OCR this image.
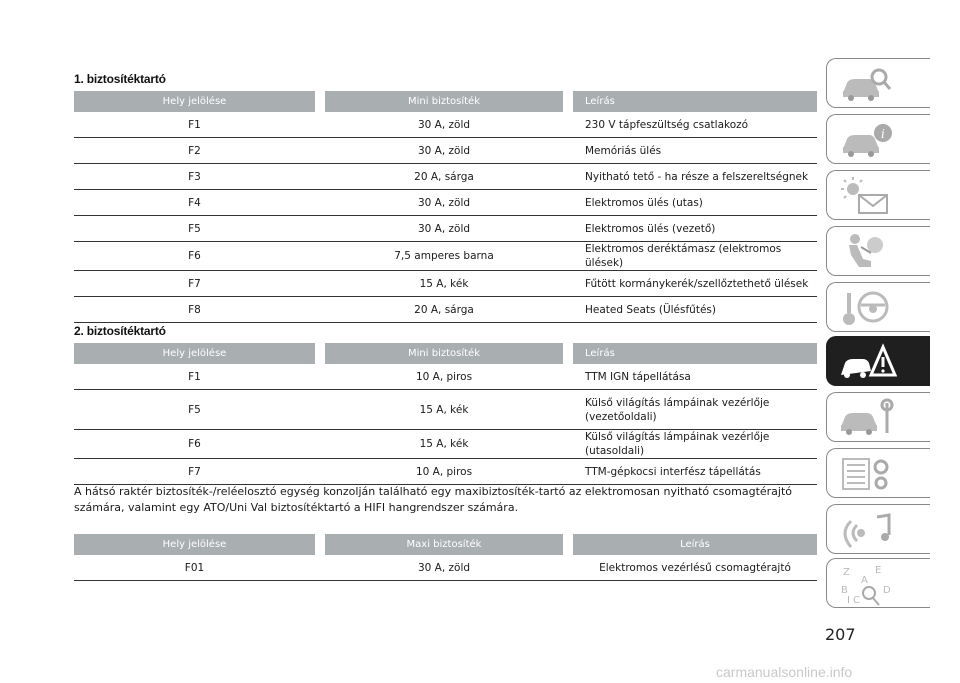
1. biztosítéktartó
Hely jelölése		Mini biztosíték		Leírás
F1		30 A, zöld		230 V tápfeszültség csatlakozó
F2		30 A, zöld		Memóriás ülés
F3		20 A, sárga		Nyitható tető - ha része a felszereltségnek
F4		30 A, zöld		Elektromos ülés (utas)
F5		30 A, zöld		Elektromos ülés (vezető)
F6		7,5 amperes barna		Elektromos deréktámasz (elektromos ülések)
F7		15 A, kék		Fűtött kormánykerék/szellőztethető ülések
F8		20 A, sárga		Heated Seats (Ülésfűtés)
2. biztosítéktartó
Hely jelölése		Mini biztosíték		Leírás
F1		10 A, piros		TTM IGN tápellátása
F5		15 A, kék		Külső világítás lámpáinak vezérlője (vezetőoldali)
F6		15 A, kék		Külső világítás lámpáinak vezérlője (utasoldali)
F7		10 A, piros		TTM-gépkocsi interfész tápellátás
A hátsó raktér biztosíték-/reléelosztó egység konzolján található egy maxibiztosíték-tartó az elektromosan nyitható csomagtérajtó számára, valamint egy ATO/Uni Val biztosítéktartó a HIFI hangrendszer számára.
Hely jelölése		Maxi biztosíték		Leírás
F01		30 A, zöld		Elektromos vezérlésű csomagtérajtó
i
Z	E
A
B	D
C
I
207
carmanualsonline.info
